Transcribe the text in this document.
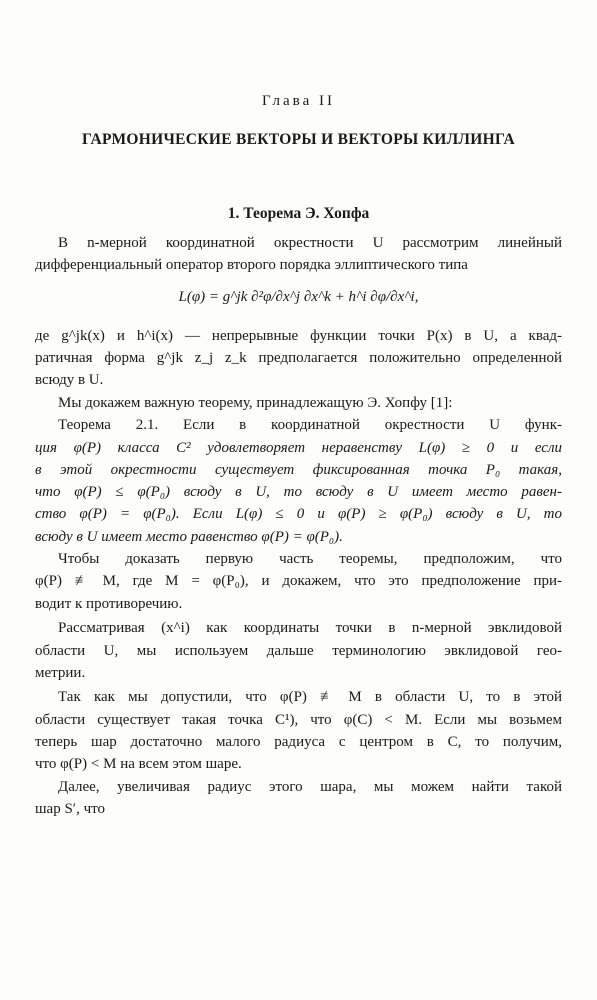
Глава II
ГАРМОНИЧЕСКИЕ ВЕКТОРЫ И ВЕКТОРЫ КИЛЛИНГА
1. Теорема Э. Хопфа
В n-мерной координатной окрестности U рассмотрим линейный
дифференциальный оператор второго порядка эллиптического типа
L(φ) = g^jk ∂²φ/∂x^j ∂x^k + h^i ∂φ/∂x^i,
де g^jk(x) и h^i(x) — непрерывные функции точки P(x) в U, а квад-
ратичная форма g^jk z_j z_k предполагается положительно определенной
всюду в U.
Мы докажем важную теорему, принадлежащую Э. Хопфу [1]:
Теорема 2.1. Если в координатной окрестности U функ-
ция φ(P) класса C² удовлетворяет неравенству L(φ) ≥ 0 и если
в этой окрестности существует фиксированная точка P₀ такая,
что φ(P) ≤ φ(P₀) всюду в U, то всюду в U имеет место равен-
ство φ(P) = φ(P₀). Если L(φ) ≤ 0 и φ(P) ≥ φ(P₀) всюду в U, то
всюду в U имеет место равенство φ(P) = φ(P₀).
Чтобы доказать первую часть теоремы, предположим, что
φ(P) ≢ M, где M = φ(P₀), и докажем, что это предположение при-
водит к противоречию.
Рассматривая (x^i) как координаты точки в n-мерной эвклидовой
области U, мы используем дальше терминологию эвклидовой гео-
метрии.
Так как мы допустили, что φ(P) ≢ M в области U, то в этой
области существует такая точка C¹), что φ(C) < M. Если мы возьмем
теперь шар достаточно малого радиуса с центром в C, то получим,
что φ(P) < M на всем этом шаре.
Далее, увеличивая радиус этого шара, мы можем найти такой
шар S′, что
